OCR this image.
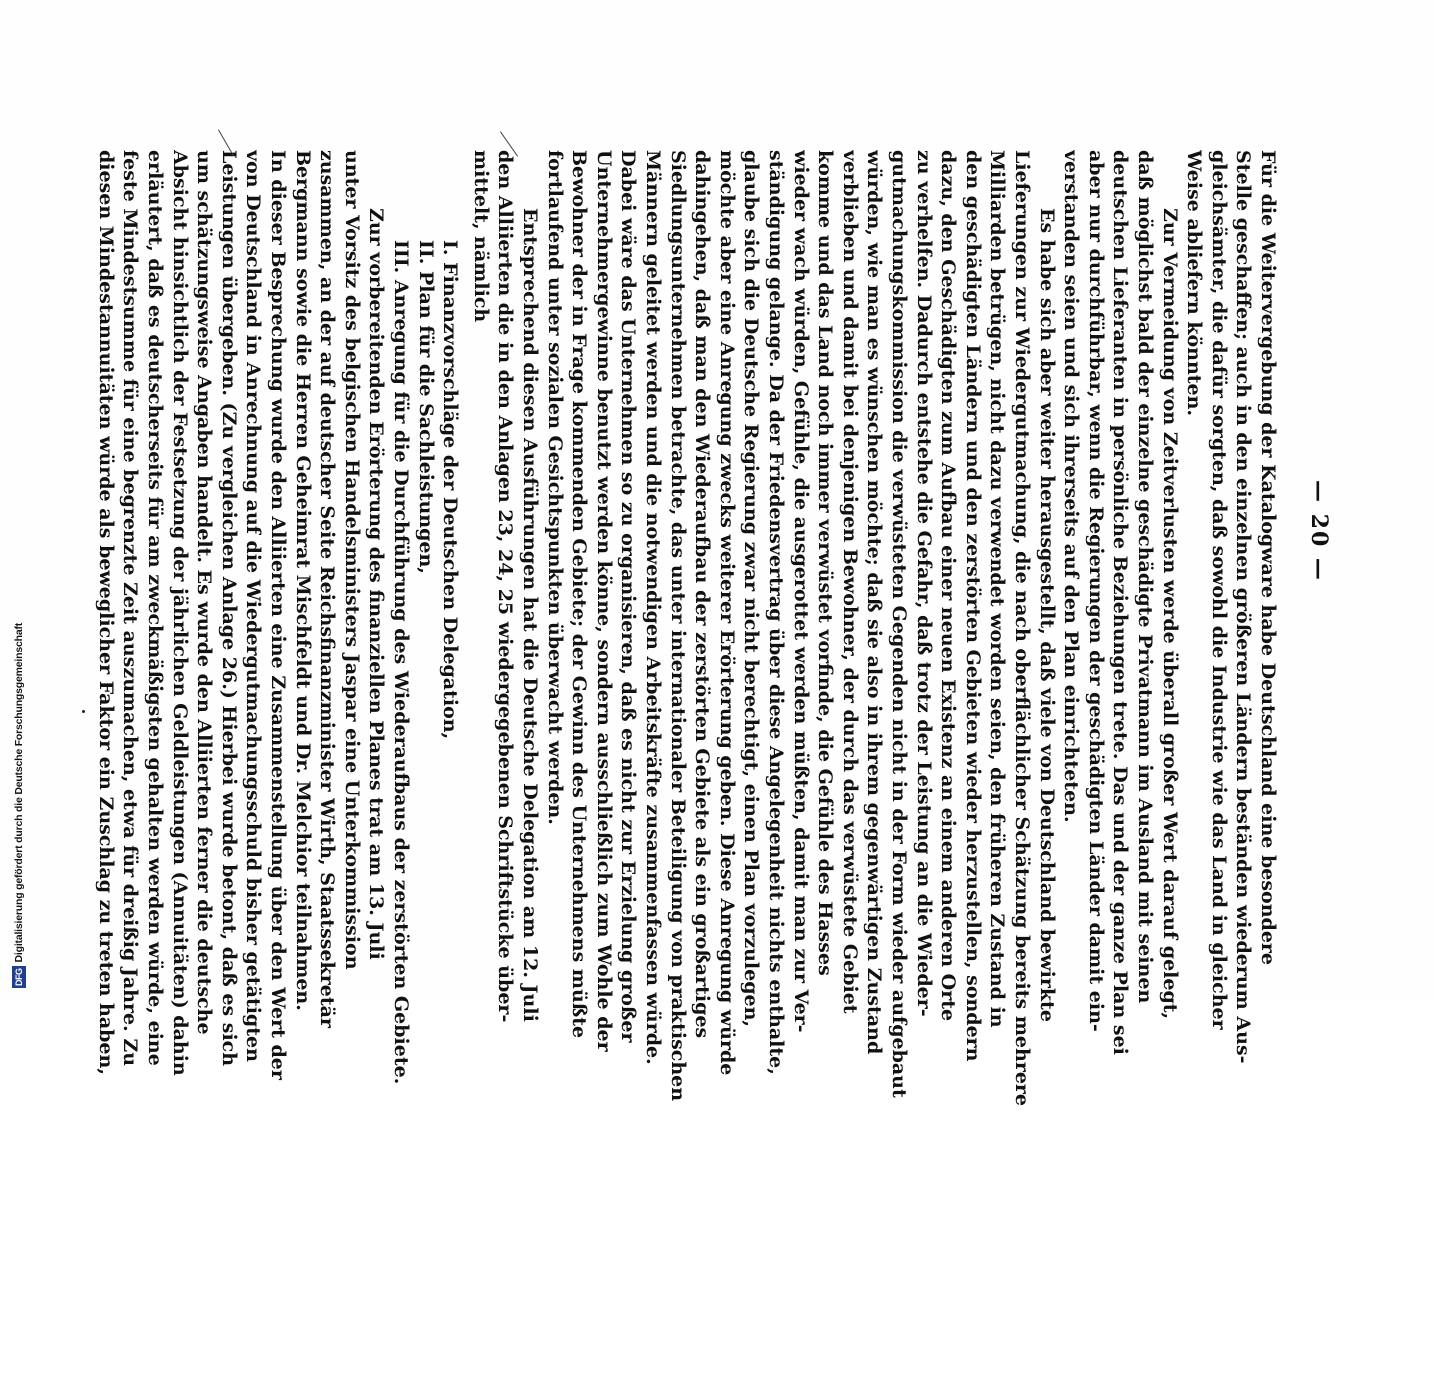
DFG
Digitalisierung gefördert durch die Deutsche Forschungsgemeinschaft
— 20 —
Für die Weitervergebung der Katalogware habe Deutschland eine besondere
Stelle geschaffen; auch in den einzelnen größeren Ländern beständen wiederum Aus-
gleichsämter, die dafür sorgten, daß sowohl die Industrie wie das Land in gleicher
Weise abliefern könnten.
Zur Vermeidung von Zeitverlusten werde überall großer Wert darauf gelegt,
daß möglichst bald der einzelne geschädigte Privatmann im Ausland mit seinen
deutschen Lieferanten in persönliche Beziehungen trete. Das und der ganze Plan sei
aber nur durchführbar, wenn die Regierungen der geschädigten Länder damit ein-
verstanden seien und sich ihrerseits auf den Plan einrichteten.
Es habe sich aber weiter herausgestellt, daß viele von Deutschland bewirkte
Lieferungen zur Wiedergutmachung, die nach oberflächlicher Schätzung bereits mehrere
Milliarden betrügen, nicht dazu verwendet worden seien, den früheren Zustand in
den geschädigten Ländern und den zerstörten Gebieten wieder herzustellen, sondern
dazu, den Geschädigten zum Aufbau einer neuen Existenz an einem anderen Orte
zu verhelfen. Dadurch entstehe die Gefahr, daß trotz der Leistung an die Wieder-
gutmachungskommission die verwüsteten Gegenden nicht in der Form wieder aufgebaut
würden, wie man es wünschen möchte; daß sie also in ihrem gegenwärtigen Zustand
verblieben und damit bei denjenigen Bewohner, der durch das verwüstete Gebiet
komme und das Land noch immer verwüstet vorfinde, die Gefühle des Hasses
wieder wach würden, Gefühle, die ausgerottet werden müßten, damit man zur Ver-
ständigung gelange. Da der Friedensvertrag über diese Angelegenheit nichts enthalte,
glaube sich die Deutsche Regierung zwar nicht berechtigt, einen Plan vorzulegen,
möchte aber eine Anregung zwecks weiterer Erörterung geben. Diese Anregung würde
dahingehen, daß man den Wiederaufbau der zerstörten Gebiete als ein großartiges
Siedlungsunternehmen betrachte, das unter internationaler Beteiligung von praktischen
Männern geleitet werden und die notwendigen Arbeitskräfte zusammenfassen würde.
Dabei wäre das Unternehmen so zu organisieren, daß es nicht zur Erzielung großer
Unternehmergewinne benutzt werden könne, sondern ausschließlich zum Wohle der
Bewohner der in Frage kommenden Gebiete; der Gewinn des Unternehmens müßte
fortlaufend unter sozialen Gesichtspunkten überwacht werden.
Entsprechend diesen Ausführungen hat die Deutsche Delegation am 12. Juli
den Alliierten die in den Anlagen 23, 24, 25 wiedergegebenen Schriftstücke über-
mittelt, nämlich
I. Finanzvorschläge der Deutschen Delegation,
II. Plan für die Sachleistungen,
III. Anregung für die Durchführung des Wiederaufbaus der zerstörten Gebiete.
Zur vorbereitenden Erörterung des finanziellen Planes trat am 13. Juli
unter Vorsitz des belgischen Handelsministers Jaspar eine Unterkommission
zusammen, an der auf deutscher Seite Reichsfinanzminister Wirth, Staatssekretär
Bergmann sowie die Herren Geheimrat Mischfeldt und Dr. Melchior teilnahmen.
In dieser Besprechung wurde den Alliierten eine Zusammenstellung über den Wert der
von Deutschland in Anrechnung auf die Wiedergutmachungsschuld bisher getätigten
Leistungen übergeben. (Zu vergleichen Anlage 26.) Hierbei wurde betont, daß es sich
um schätzungsweise Angaben handelt. Es wurde den Alliierten ferner die deutsche
Absicht hinsichtlich der Festsetzung der jährlichen Geldleistungen (Annuitäten) dahin
erläutert, daß es deutscherseits für am zweckmäßigsten gehalten werden würde, eine
feste Mindestsumme für eine begrenzte Zeit auszumachen, etwa für dreißig Jahre. Zu
diesen Mindestannuitäten würde als beweglicher Faktor ein Zuschlag zu treten haben,
